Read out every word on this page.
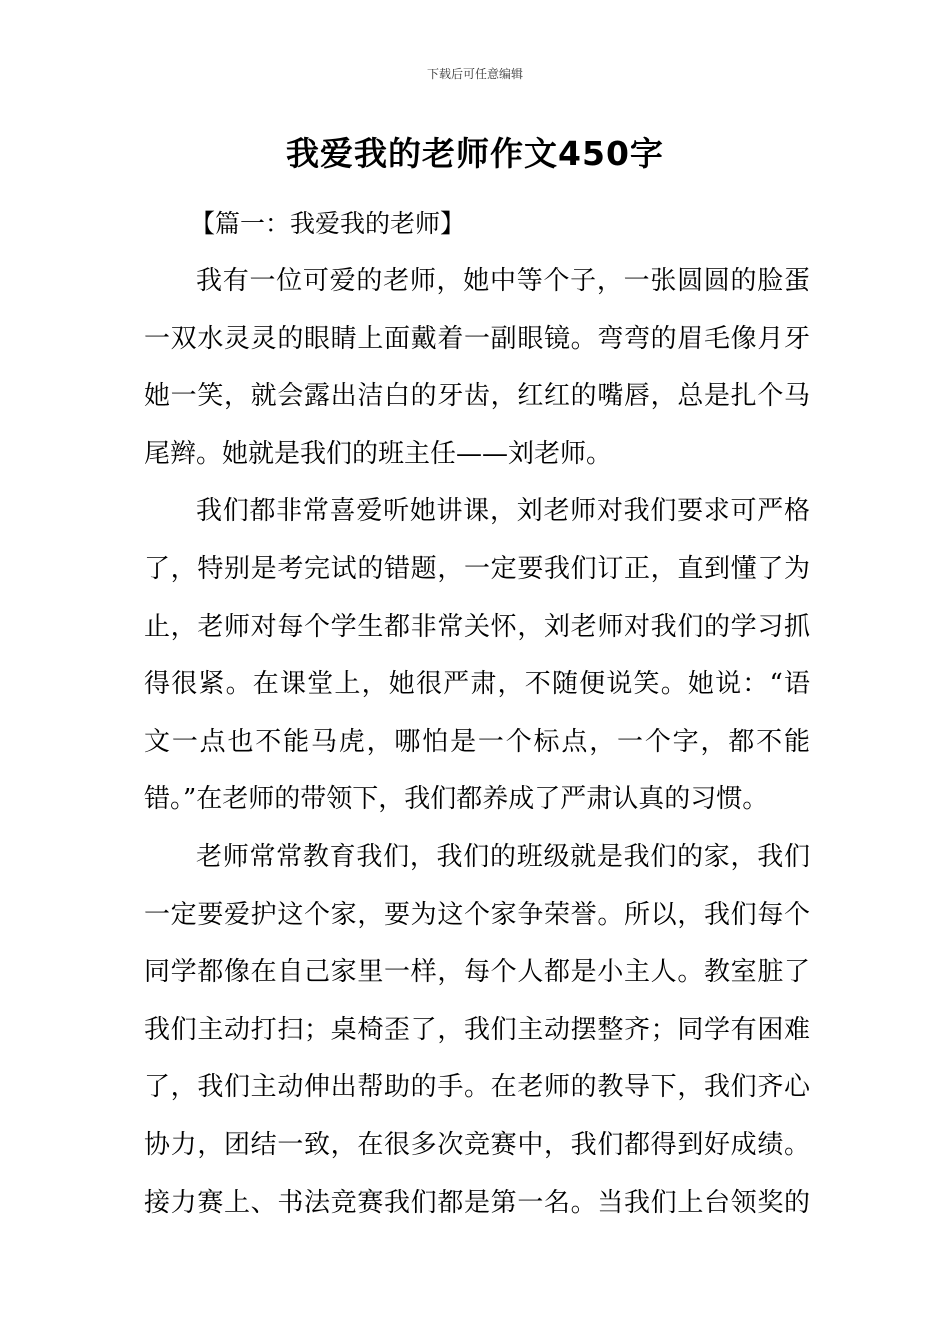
下载后可任意编辑
我爱我的老师作文450字
【篇一：我爱我的老师】
我有一位可爱的老师，她中等个子，一张圆圆的脸蛋
一双水灵灵的眼睛上面戴着一副眼镜。弯弯的眉毛像月牙
她一笑，就会露出洁白的牙齿，红红的嘴唇，总是扎个马
尾辫。她就是我们的班主任——刘老师。
我们都非常喜爱听她讲课，刘老师对我们要求可严格
了，特别是考完试的错题，一定要我们订正，直到懂了为
止，老师对每个学生都非常关怀，刘老师对我们的学习抓
得很紧。在课堂上，她很严肃，不随便说笑。她说：“语
文一点也不能马虎，哪怕是一个标点，一个字，都不能
错。”在老师的带领下，我们都养成了严肃认真的习惯。
老师常常教育我们，我们的班级就是我们的家，我们
一定要爱护这个家，要为这个家争荣誉。所以，我们每个
同学都像在自己家里一样，每个人都是小主人。教室脏了
我们主动打扫；桌椅歪了，我们主动摆整齐；同学有困难
了，我们主动伸出帮助的手。在老师的教导下，我们齐心
协力，团结一致，在很多次竞赛中，我们都得到好成绩。
接力赛上、书法竞赛我们都是第一名。当我们上台领奖的
